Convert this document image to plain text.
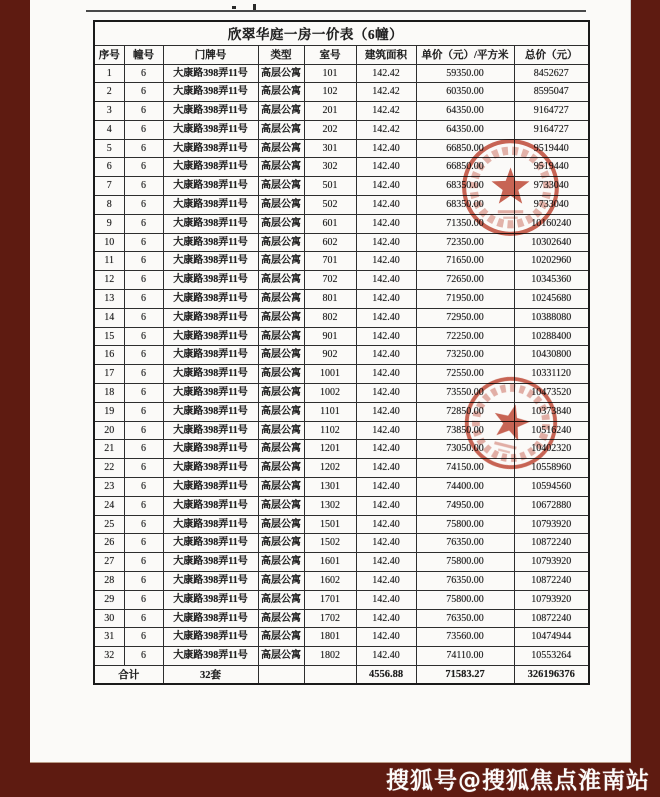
欣翠华庭一房一价表（6幢）							
序号	幢号	门牌号	类型	室号	建筑面积	单价（元）/平方米	总价（元）
1	6	大康路398弄11号	高层公寓	101	142.42	59350.00	8452627
2	6	大康路398弄11号	高层公寓	102	142.42	60350.00	8595047
3	6	大康路398弄11号	高层公寓	201	142.42	64350.00	9164727
4	6	大康路398弄11号	高层公寓	202	142.42	64350.00	9164727
5	6	大康路398弄11号	高层公寓	301	142.40	66850.00	9519440
6	6	大康路398弄11号	高层公寓	302	142.40	66850.00	9519440
7	6	大康路398弄11号	高层公寓	501	142.40	68350.00	9733040
8	6	大康路398弄11号	高层公寓	502	142.40	68350.00	9733040
9	6	大康路398弄11号	高层公寓	601	142.40	71350.00	10160240
10	6	大康路398弄11号	高层公寓	602	142.40	72350.00	10302640
11	6	大康路398弄11号	高层公寓	701	142.40	71650.00	10202960
12	6	大康路398弄11号	高层公寓	702	142.40	72650.00	10345360
13	6	大康路398弄11号	高层公寓	801	142.40	71950.00	10245680
14	6	大康路398弄11号	高层公寓	802	142.40	72950.00	10388080
15	6	大康路398弄11号	高层公寓	901	142.40	72250.00	10288400
16	6	大康路398弄11号	高层公寓	902	142.40	73250.00	10430800
17	6	大康路398弄11号	高层公寓	1001	142.40	72550.00	10331120
18	6	大康路398弄11号	高层公寓	1002	142.40	73550.00	10473520
19	6	大康路398弄11号	高层公寓	1101	142.40	72850.00	10373840
20	6	大康路398弄11号	高层公寓	1102	142.40	73850.00	10516240
21	6	大康路398弄11号	高层公寓	1201	142.40	73050.00	10402320
22	6	大康路398弄11号	高层公寓	1202	142.40	74150.00	10558960
23	6	大康路398弄11号	高层公寓	1301	142.40	74400.00	10594560
24	6	大康路398弄11号	高层公寓	1302	142.40	74950.00	10672880
25	6	大康路398弄11号	高层公寓	1501	142.40	75800.00	10793920
26	6	大康路398弄11号	高层公寓	1502	142.40	76350.00	10872240
27	6	大康路398弄11号	高层公寓	1601	142.40	75800.00	10793920
28	6	大康路398弄11号	高层公寓	1602	142.40	76350.00	10872240
29	6	大康路398弄11号	高层公寓	1701	142.40	75800.00	10793920
30	6	大康路398弄11号	高层公寓	1702	142.40	76350.00	10872240
31	6	大康路398弄11号	高层公寓	1801	142.40	73560.00	10474944
32	6	大康路398弄11号	高层公寓	1802	142.40	74110.00	10553264
合计		32套			4556.88	71583.27	326196376
搜狐号@搜狐焦点淮南站
